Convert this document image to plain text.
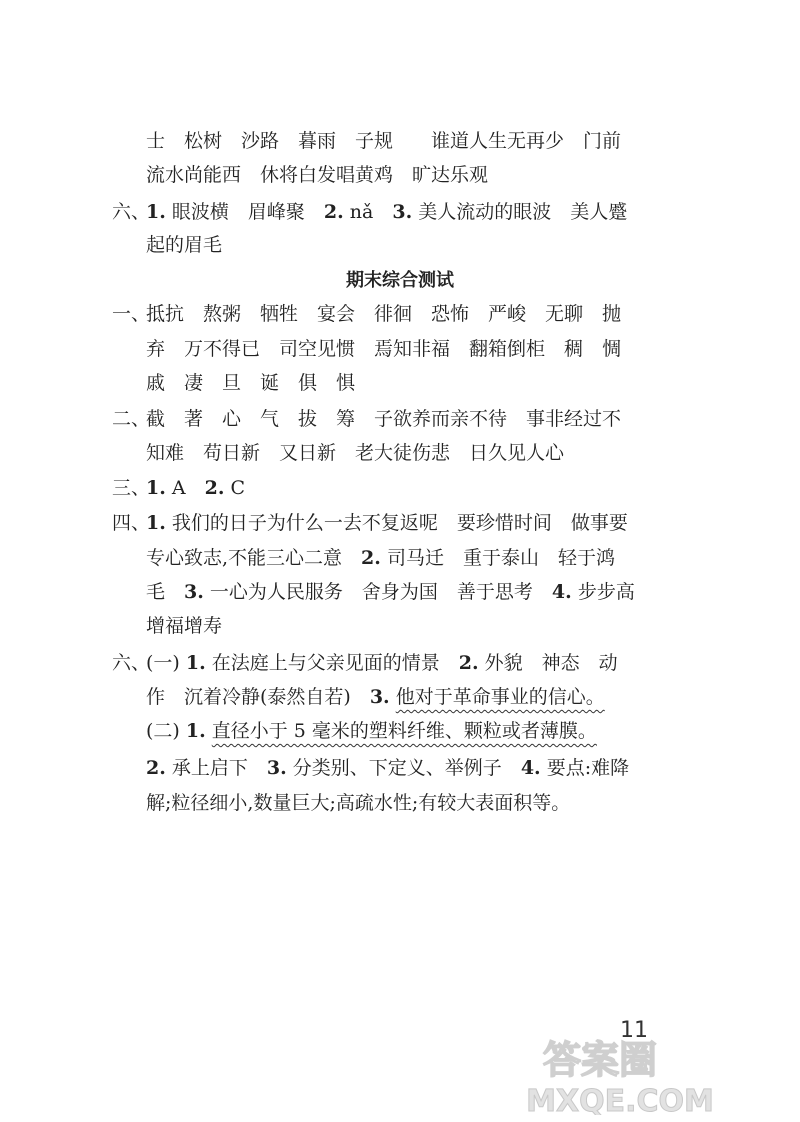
士　松树　沙路　暮雨　子规　　谁道人生无再少　门前
流水尚能西　休将白发唱黄鸡　旷达乐观
六、
1. 眼波横　眉峰聚　2. nǎ　3. 美人流动的眼波　美人蹙
起的眉毛
期末综合测试
一、
抵抗　熬粥　牺牲　宴会　徘徊　恐怖　严峻　无聊　抛
弃　万不得已　司空见惯　焉知非福　翻箱倒柜　稠　惆
戚　凄　旦　诞　俱　惧
二、
截　著　心　气　拔　筹　子欲养而亲不待　事非经过不
知难　苟日新　又日新　老大徒伤悲　日久见人心
三、
1. A　2. C
四、
1. 我们的日子为什么一去不复返呢　要珍惜时间　做事要
专心致志,不能三心二意　2. 司马迁　重于泰山　轻于鸿
毛　3. 一心为人民服务　舍身为国　善于思考　4. 步步高
增福增寿
六、
(一) 1. 在法庭上与父亲见面的情景　2. 外貌　神态　动
作　沉着冷静(泰然自若)　3. 他对于革命事业的信心。
(二) 1. 直径小于 5 毫米的塑料纤维、颗粒或者薄膜。
2. 承上启下　3. 分类别、下定义、举例子　4. 要点:难降
解;粒径细小,数量巨大;高疏水性;有较大表面积等。
11
答案圈
MXQE.COM
